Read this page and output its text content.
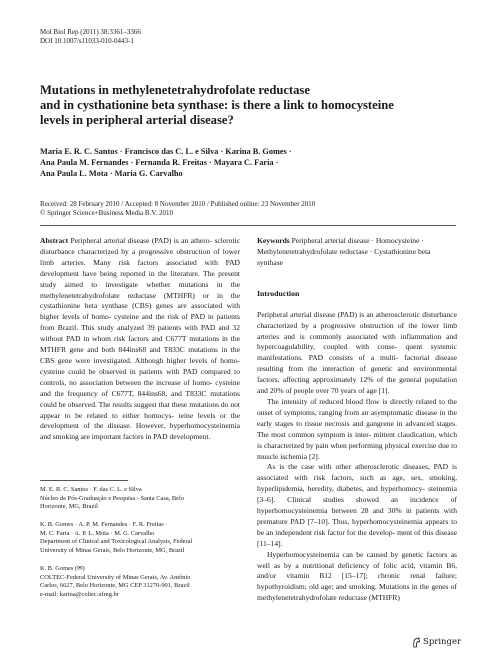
Mol Biol Rep (2011) 38:3361–3366
DOI 10.1007/s11033-010-0443-1
Mutations in methylenetetrahydrofolate reductase
and in cysthationine beta synthase: is there a link to homocysteine
levels in peripheral arterial disease?
Maria E. R. C. Santos · Francisco das C. L. e Silva · Karina B. Gomes ·
Ana Paula M. Fernandes · Fernanda R. Freitas · Mayara C. Faria ·
Ana Paula L. Mota · Maria G. Carvalho
Received: 28 February 2010 / Accepted: 8 November 2010 / Published online: 23 November 2010
© Springer Science+Business Media B.V. 2010

Abstract Peripheral arterial disease (PAD) is an athero- sclerotic disturbance characterized by a progressive obstruction of lower limb arteries. Many risk factors associated with PAD development have being reported in the literature. The present study aimed to investigate whether mutations in the methylenetetrahydrofolate reductase (MTHFR) or in the cystathionine beta synthase (CBS) genes are associated with higher levels of homo- cysteine and the risk of PAD in patients from Brazil. This study analyzed 39 patients with PAD and 32 without PAD in whom risk factors and C677T mutations in the MTHFR gene and both 844ins68 and T833C mutations in the CBS gene were investigated. Although higher levels of homo- cysteine could be observed in patients with PAD compared to controls, no association between the increase of homo- cysteine and the frequency of C677T, 844ins68, and T833C mutations could be observed. The results suggest that these mutations do not appear to be related to either homocys- teine levels or the development of the disease. However, hyperhomocysteinemia and smoking are important factors in PAD development.

M. E. R. C. Santos · F. das C. L. e Silva
Núcleo de Pós-Graduação e Pesquisa - Santa Casa, Belo
Horizonte, MG, Brazil

K. B. Gomes · A. P. M. Fernandes · F. R. Freitas ·
M. C. Faria · A. P. L. Mota · M. G. Carvalho
Department of Clinical and Toxicological Analysis, Federal
University of Minas Gerais, Belo Horizonte, MG, Brazil

K. B. Gomes (✉)
COLTEC-Federal University of Minas Gerais, Av. Antônio
Carlos, 6627, Belo Horizonte, MG CEP 31270-901, Brazil
e-mail: karina@coltec.ufmg.br

Keywords Peripheral arterial disease · Homocysteine · Methylenetetrahydrofolate reductase · Cystathionine beta synthase

Introduction

Peripheral arterial disease (PAD) is an atherosclerotic disturbance characterized by a progressive obstruction of the lower limb arteries and is commonly associated with inflammation and hypercoagulability, coupled with conse- quent systemic manifestations. PAD consists of a multi- factorial disease resulting from the interaction of genetic and environmental factors, affecting approximately 12% of the general population and 20% of people over 70 years of age [1].

The intensity of reduced blood flow is directly related to the onset of symptoms, ranging from an asymptomatic disease in the early stages to tissue necrosis and gangrene in advanced stages. The most common symptom is inter- mittent claudication, which is characterized by pain when performing physical exercise due to muscle ischemia [2].

As is the case with other atherosclerotic diseases, PAD is associated with risk factors, such as age, sex, smoking, hyperlipidemia, heredity, diabetes, and hyperhomocy- steinemia [3–6]. Clinical studies showed an incidence of hyperhomocysteinemia between 28 and 30% in patients with premature PAD [7–10]. Thus, hyperhomocysteinemia appears to be an independent risk factor for the develop- ment of this disease [11–14].

Hyperhomocysteinemia can be caused by genetic factors as well as by a nutritional deficiency of folic acid, vitamin B6, and/or vitamin B12 [15–17]; chronic renal failure; hypothyroidism; old age; and smoking. Mutations in the genes of methylenetetrahydrofolate reductase (MTHFR)

Springer
